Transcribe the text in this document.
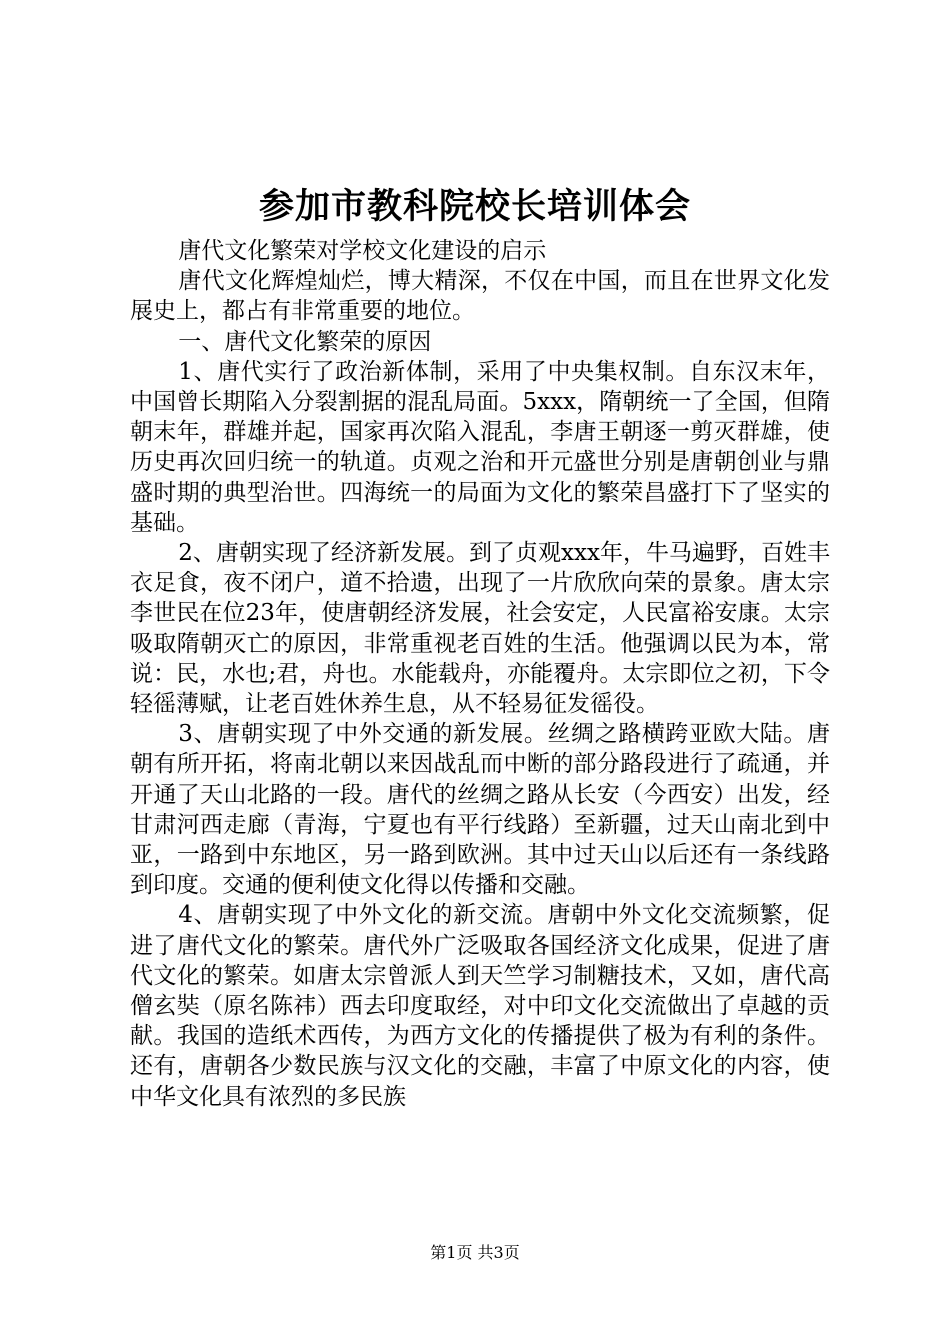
参加市教科院校长培训体会

唐代文化繁荣对学校文化建设的启示

唐代文化辉煌灿烂，博大精深，不仅在中国，而且在世界文化发展史上，都占有非常重要的地位。

一、唐代文化繁荣的原因

1、唐代实行了政治新体制，采用了中央集权制。自东汉末年，中国曾长期陷入分裂割据的混乱局面。5xxx，隋朝统一了全国，但隋朝末年，群雄并起，国家再次陷入混乱，李唐王朝逐一剪灭群雄，使历史再次回归统一的轨道。贞观之治和开元盛世分别是唐朝创业与鼎盛时期的典型治世。四海统一的局面为文化的繁荣昌盛打下了坚实的基础。

2、唐朝实现了经济新发展。到了贞观xxx年，牛马遍野，百姓丰衣足食，夜不闭户，道不拾遗，出现了一片欣欣向荣的景象。唐太宗李世民在位23年，使唐朝经济发展，社会安定，人民富裕安康。太宗吸取隋朝灭亡的原因，非常重视老百姓的生活。他强调以民为本，常说：民，水也;君，舟也。水能载舟，亦能覆舟。太宗即位之初，下令轻徭薄赋，让老百姓休养生息，从不轻易征发徭役。

3、唐朝实现了中外交通的新发展。丝绸之路横跨亚欧大陆。唐朝有所开拓，将南北朝以来因战乱而中断的部分路段进行了疏通，并开通了天山北路的一段。唐代的丝绸之路从长安（今西安）出发，经甘肃河西走廊（青海，宁夏也有平行线路）至新疆，过天山南北到中亚，一路到中东地区，另一路到欧洲。其中过天山以后还有一条线路到印度。交通的便利使文化得以传播和交融。

4、唐朝实现了中外文化的新交流。唐朝中外文化交流频繁，促进了唐代文化的繁荣。唐代外广泛吸取各国经济文化成果，促进了唐代文化的繁荣。如唐太宗曾派人到天竺学习制糖技术，又如，唐代高僧玄奘（原名陈祎）西去印度取经，对中印文化交流做出了卓越的贡献。我国的造纸术西传，为西方文化的传播提供了极为有利的条件。还有，唐朝各少数民族与汉文化的交融，丰富了中原文化的内容，使中华文化具有浓烈的多民族

第1页 共3页
